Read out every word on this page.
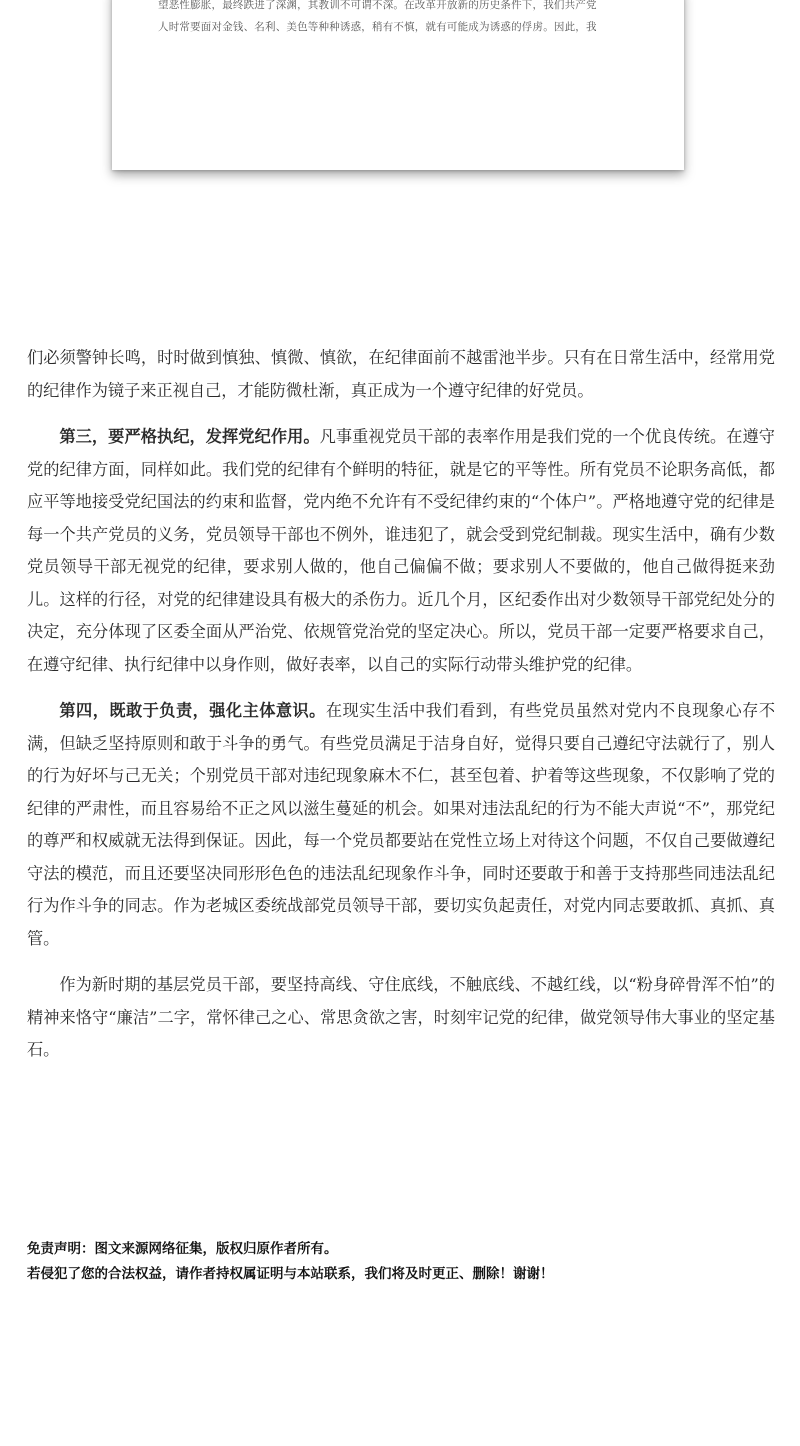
望恶性膨胀，最终跌进了深渊，其教训不可谓不深。在改革开放新的历史条件下，我们共产党
人时常要面对金钱、名利、美色等种种诱惑，稍有不慎，就有可能成为诱惑的俘虏。因此，我

们必须警钟长鸣，时时做到慎独、慎微、慎欲，在纪律面前不越雷池半步。只有在日常生活中，经常用党的纪律作为镜子来正视自己，才能防微杜渐，真正成为一个遵守纪律的好党员。

第三，要严格执纪，发挥党纪作用。凡事重视党员干部的表率作用是我们党的一个优良传统。在遵守党的纪律方面，同样如此。我们党的纪律有个鲜明的特征，就是它的平等性。所有党员不论职务高低，都应平等地接受党纪国法的约束和监督，党内绝不允许有不受纪律约束的“个体户”。严格地遵守党的纪律是每一个共产党员的义务，党员领导干部也不例外，谁违犯了，就会受到党纪制裁。现实生活中，确有少数党员领导干部无视党的纪律，要求别人做的，他自己偏偏不做；要求别人不要做的，他自己做得挺来劲儿。这样的行径，对党的纪律建设具有极大的杀伤力。近几个月，区纪委作出对少数领导干部党纪处分的决定，充分体现了区委全面从严治党、依规管党治党的坚定决心。所以，党员干部一定要严格要求自己，在遵守纪律、执行纪律中以身作则，做好表率，以自己的实际行动带头维护党的纪律。

第四，既敢于负责，强化主体意识。在现实生活中我们看到，有些党员虽然对党内不良现象心存不满，但缺乏坚持原则和敢于斗争的勇气。有些党员满足于洁身自好，觉得只要自己遵纪守法就行了，别人的行为好坏与己无关；个别党员干部对违纪现象麻木不仁，甚至包着、护着等这些现象，不仅影响了党的纪律的严肃性，而且容易给不正之风以滋生蔓延的机会。如果对违法乱纪的行为不能大声说“不”，那党纪的尊严和权威就无法得到保证。因此，每一个党员都要站在党性立场上对待这个问题，不仅自己要做遵纪守法的模范，而且还要坚决同形形色色的违法乱纪现象作斗争，同时还要敢于和善于支持那些同违法乱纪行为作斗争的同志。作为老城区委统战部党员领导干部，要切实负起责任，对党内同志要敢抓、真抓、真管。

作为新时期的基层党员干部，要坚持高线、守住底线，不触底线、不越红线，以“粉身碎骨浑不怕”的精神来恪守“廉洁”二字，常怀律己之心、常思贪欲之害，时刻牢记党的纪律，做党领导伟大事业的坚定基石。

免责声明：图文来源网络征集，版权归原作者所有。
若侵犯了您的合法权益，请作者持权属证明与本站联系，我们将及时更正、删除！谢谢！
